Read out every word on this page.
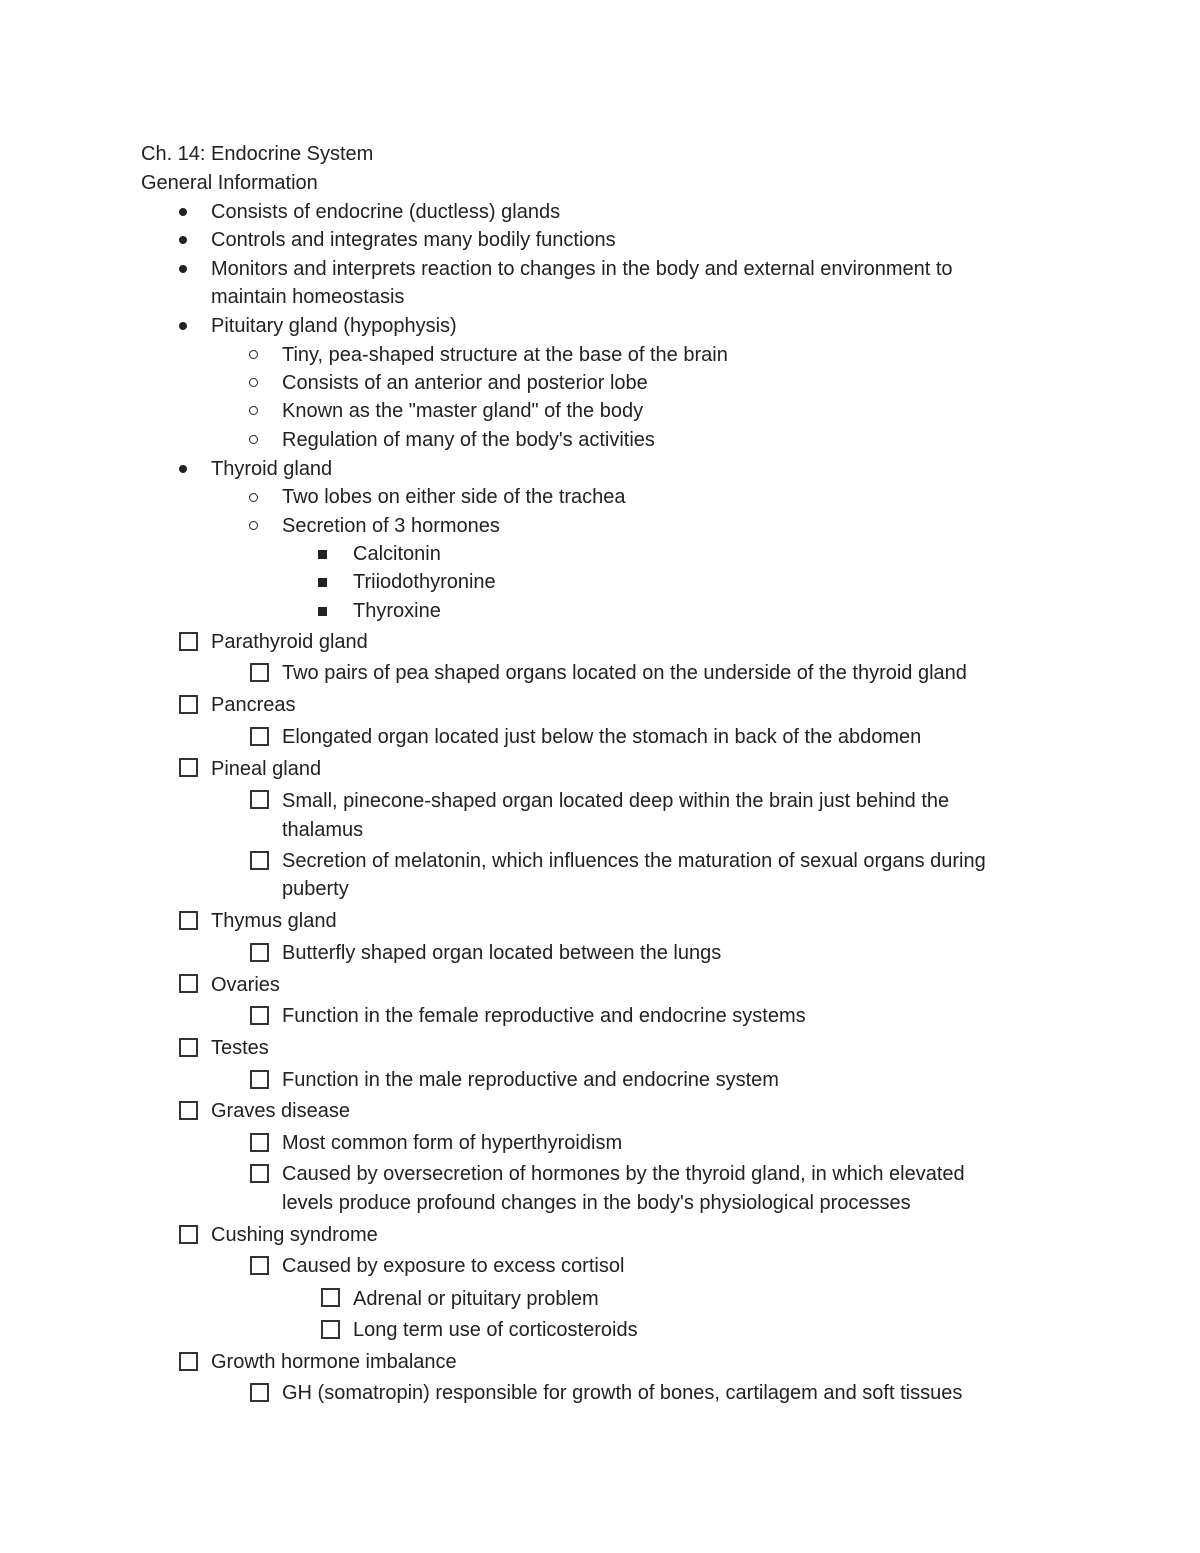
Ch. 14: Endocrine System
General Information
Consists of endocrine (ductless) glands
Controls and integrates many bodily functions
Monitors and interprets reaction to changes in the body and external environment to
maintain homeostasis
Pituitary gland (hypophysis)
Tiny, pea-shaped structure at the base of the brain
Consists of an anterior and posterior lobe
Known as the "master gland" of the body
Regulation of many of the body's activities
Thyroid gland
Two lobes on either side of the trachea
Secretion of 3 hormones
Calcitonin
Triiodothyronine
Thyroxine
Parathyroid gland
Two pairs of pea shaped organs located on the underside of the thyroid gland
Pancreas
Elongated organ located just below the stomach in back of the abdomen
Pineal gland
Small, pinecone-shaped organ located deep within the brain just behind the
thalamus
Secretion of melatonin, which influences the maturation of sexual organs during
puberty
Thymus gland
Butterfly shaped organ located between the lungs
Ovaries
Function in the female reproductive and endocrine systems
Testes
Function in the male reproductive and endocrine system
Graves disease
Most common form of hyperthyroidism
Caused by oversecretion of hormones by the thyroid gland, in which elevated
levels produce profound changes in the body's physiological processes
Cushing syndrome
Caused by exposure to excess cortisol
Adrenal or pituitary problem
Long term use of corticosteroids
Growth hormone imbalance
GH (somatropin) responsible for growth of bones, cartilagem and soft tissues
